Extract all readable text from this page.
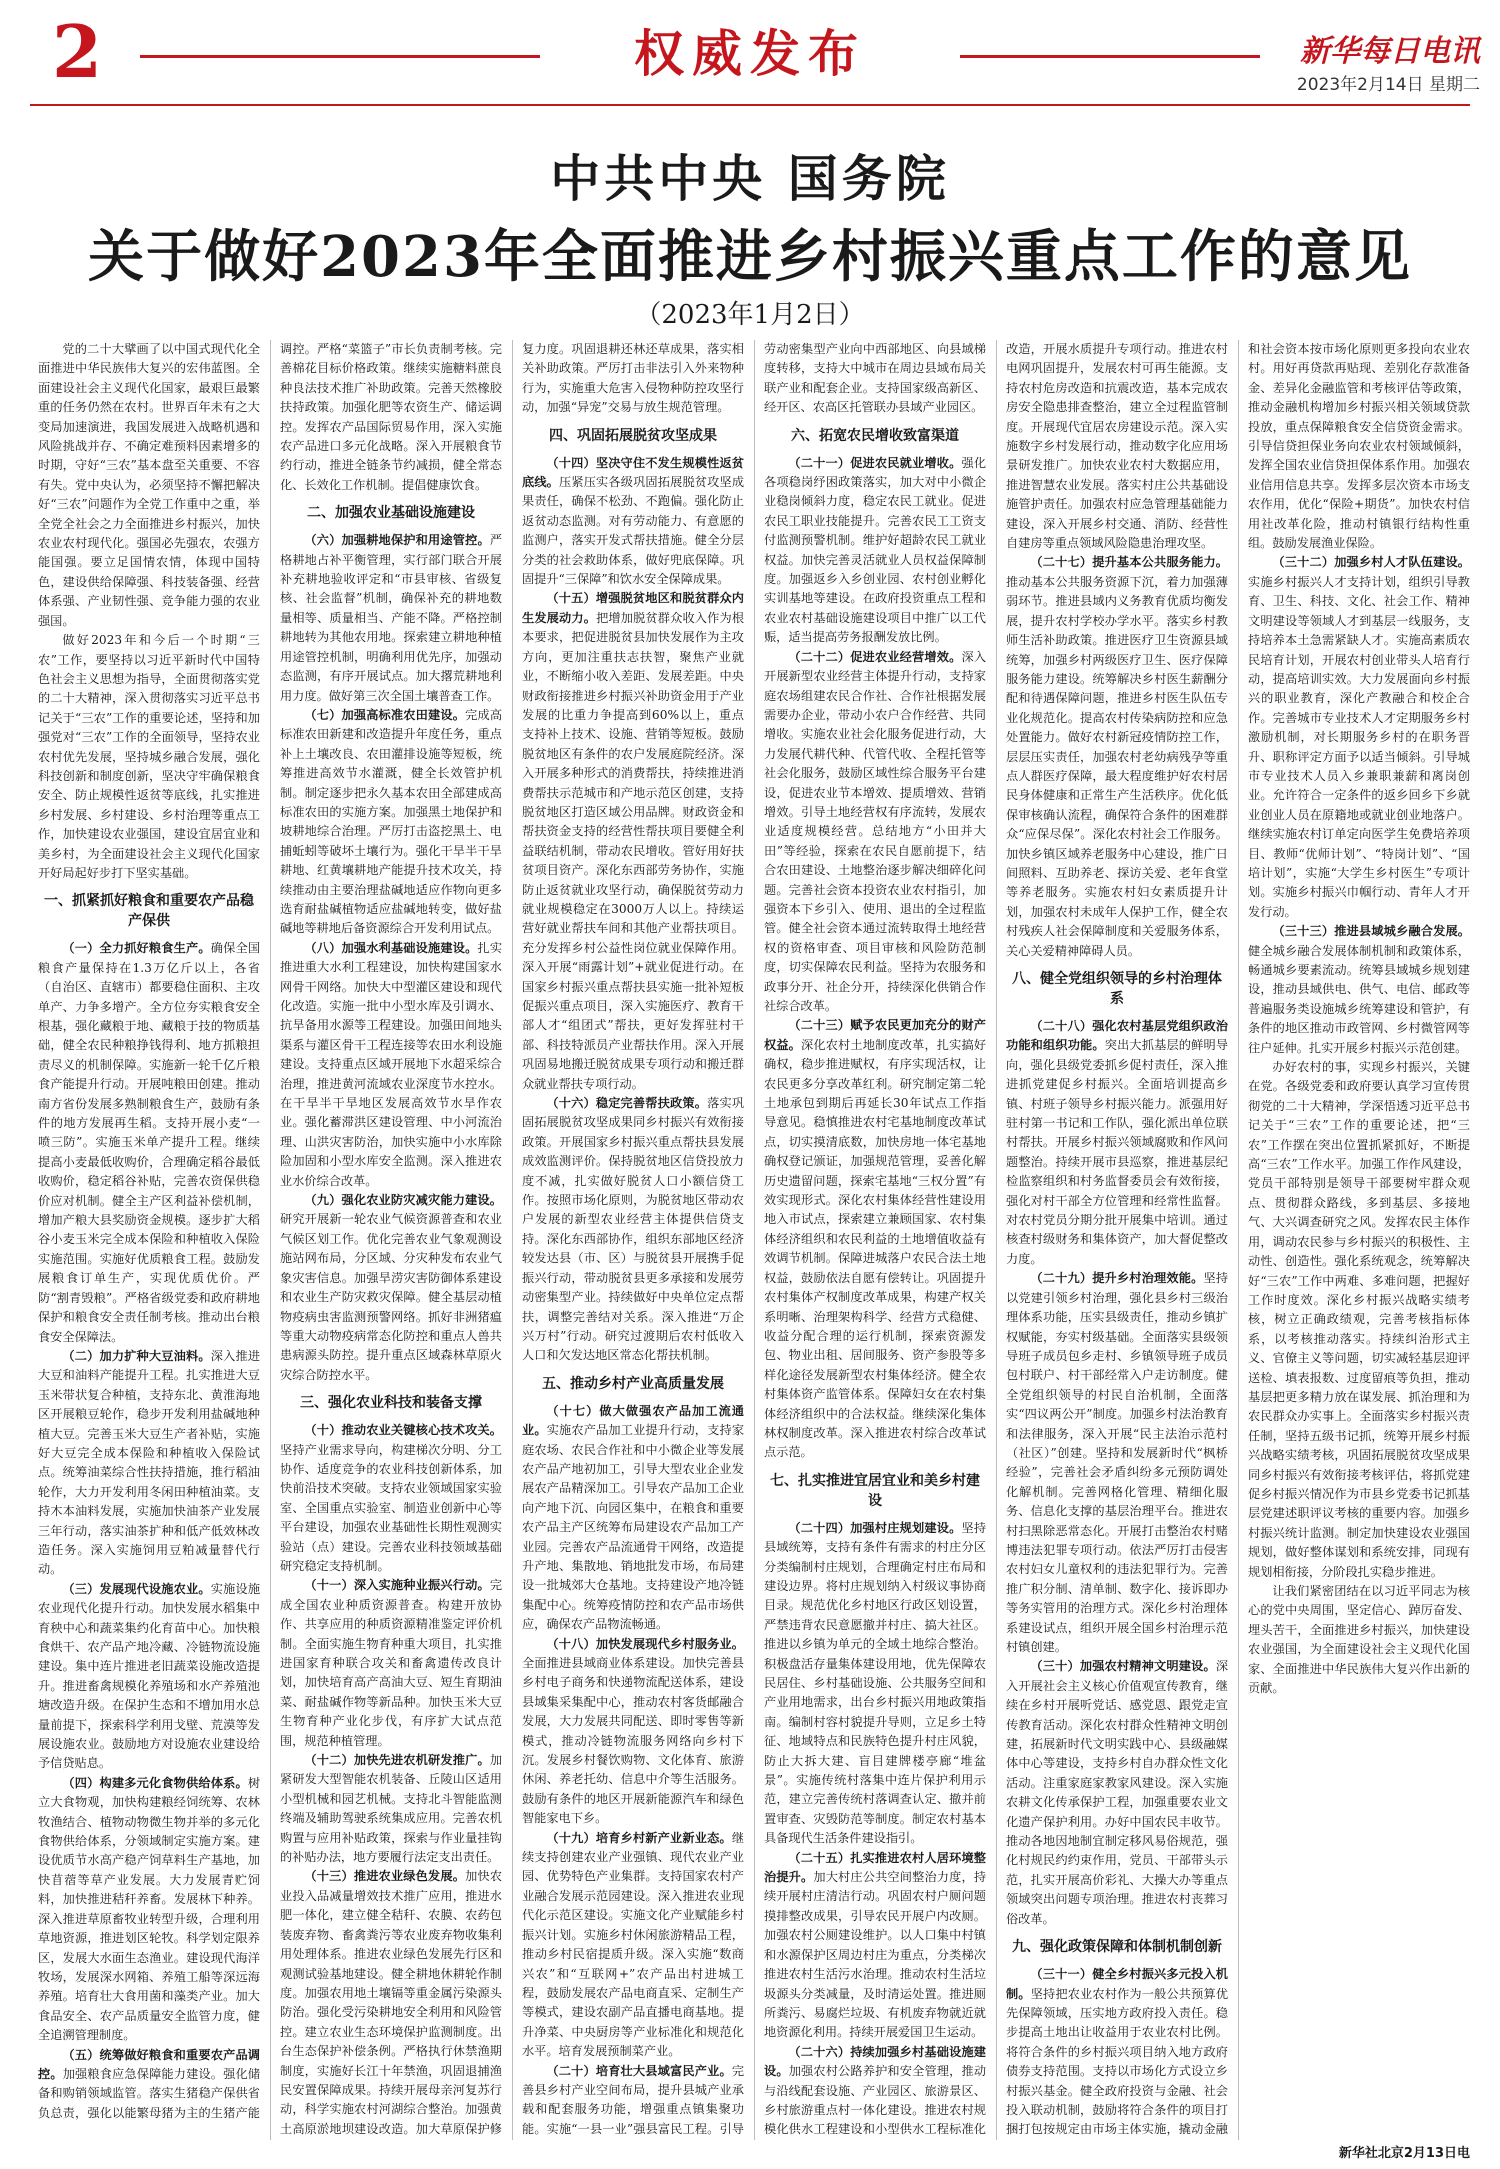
2	权威发布	新华每日电讯
2023年2月14日 星期二
中共中央 国务院
关于做好2023年全面推进乡村振兴重点工作的意见
（2023年1月2日）

党的二十大擘画了以中国式现代化全面推进中华民族伟大复兴的宏伟蓝图。全面建设社会主义现代化国家，最艰巨最繁重的任务仍然在农村。世界百年未有之大变局加速演进，我国发展进入战略机遇和风险挑战并存、不确定难预料因素增多的时期，守好“三农”基本盘至关重要、不容有失。党中央认为，必须坚持不懈把解决好“三农”问题作为全党工作重中之重，举全党全社会之力全面推进乡村振兴，加快农业农村现代化。强国必先强农，农强方能国强。要立足国情农情，体现中国特色，建设供给保障强、科技装备强、经营体系强、产业韧性强、竞争能力强的农业强国。

做好2023年和今后一个时期“三农”工作，要坚持以习近平新时代中国特色社会主义思想为指导，全面贯彻落实党的二十大精神，深入贯彻落实习近平总书记关于“三农”工作的重要论述，坚持和加强党对“三农”工作的全面领导，坚持农业农村优先发展，坚持城乡融合发展，强化科技创新和制度创新，坚决守牢确保粮食安全、防止规模性返贫等底线，扎实推进乡村发展、乡村建设、乡村治理等重点工作，加快建设农业强国，建设宜居宜业和美乡村，为全面建设社会主义现代化国家开好局起好步打下坚实基础。

一、抓紧抓好粮食和重要农产品稳产保供

（一）全力抓好粮食生产。确保全国粮食产量保持在1.3万亿斤以上，各省（自治区、直辖市）都要稳住面积、主攻单产、力争多增产。全方位夯实粮食安全根基，强化藏粮于地、藏粮于技的物质基础，健全农民种粮挣钱得利、地方抓粮担责尽义的机制保障。实施新一轮千亿斤粮食产能提升行动。开展吨粮田创建。推动南方省份发展多熟制粮食生产，鼓励有条件的地方发展再生稻。支持开展小麦“一喷三防”。实施玉米单产提升工程。继续提高小麦最低收购价，合理确定稻谷最低收购价，稳定稻谷补贴，完善农资保供稳价应对机制。健全主产区利益补偿机制，增加产粮大县奖励资金规模。逐步扩大稻谷小麦玉米完全成本保险和种植收入保险实施范围。实施好优质粮食工程。鼓励发展粮食订单生产，实现优质优价。严防“割青毁粮”。严格省级党委和政府耕地保护和粮食安全责任制考核。推动出台粮食安全保障法。

（二）加力扩种大豆油料。深入推进大豆和油料产能提升工程。扎实推进大豆玉米带状复合种植，支持东北、黄淮海地区开展粮豆轮作，稳步开发利用盐碱地种植大豆。完善玉米大豆生产者补贴，实施好大豆完全成本保险和种植收入保险试点。统筹油菜综合性扶持措施，推行稻油轮作，大力开发利用冬闲田种植油菜。支持木本油料发展，实施加快油茶产业发展三年行动，落实油茶扩种和低产低效林改造任务。深入实施饲用豆粕减量替代行动。

（三）发展现代设施农业。实施设施农业现代化提升行动。加快发展水稻集中育秧中心和蔬菜集约化育苗中心。加快粮食烘干、农产品产地冷藏、冷链物流设施建设。集中连片推进老旧蔬菜设施改造提升。推进畜禽规模化养殖场和水产养殖池塘改造升级。在保护生态和不增加用水总量前提下，探索科学利用戈壁、荒漠等发展设施农业。鼓励地方对设施农业建设给予信贷贴息。

（四）构建多元化食物供给体系。树立大食物观，加快构建粮经饲统筹、农林牧渔结合、植物动物微生物并举的多元化食物供给体系，分领域制定实施方案。建设优质节水高产稳产饲草料生产基地，加快苜蓿等草产业发展。大力发展青贮饲料，加快推进秸秆养畜。发展林下种养。深入推进草原畜牧业转型升级，合理利用草地资源，推进划区轮牧。科学划定限养区，发展大水面生态渔业。建设现代海洋牧场，发展深水网箱、养殖工船等深远海养殖。培育壮大食用菌和藻类产业。加大食品安全、农产品质量安全监管力度，健全追溯管理制度。

（五）统筹做好粮食和重要农产品调控。加强粮食应急保障能力建设。强化储备和购销领域监管。落实生猪稳产保供省负总责，强化以能繁母猪为主的生猪产能调控。严格“菜篮子”市长负责制考核。完善棉花目标价格政策。继续实施糖料蔗良种良法技术推广补助政策。完善天然橡胶扶持政策。加强化肥等农资生产、储运调控。发挥农产品国际贸易作用，深入实施农产品进口多元化战略。深入开展粮食节约行动，推进全链条节约减损，健全常态化、长效化工作机制。提倡健康饮食。

二、加强农业基础设施建设

（六）加强耕地保护和用途管控。严格耕地占补平衡管理，实行部门联合开展补充耕地验收评定和“市县审核、省级复核、社会监督”机制，确保补充的耕地数量相等、质量相当、产能不降。严格控制耕地转为其他农用地。探索建立耕地种植用途管控机制，明确利用优先序，加强动态监测，有序开展试点。加大撂荒耕地利用力度。做好第三次全国土壤普查工作。

（七）加强高标准农田建设。完成高标准农田新建和改造提升年度任务，重点补上土壤改良、农田灌排设施等短板，统筹推进高效节水灌溉，健全长效管护机制。制定逐步把永久基本农田全部建成高标准农田的实施方案。加强黑土地保护和坡耕地综合治理。严厉打击盗挖黑土、电捕蚯蚓等破坏土壤行为。强化干旱半干旱耕地、红黄壤耕地产能提升技术攻关，持续推动由主要治理盐碱地适应作物向更多选育耐盐碱植物适应盐碱地转变，做好盐碱地等耕地后备资源综合开发利用试点。

（八）加强水利基础设施建设。扎实推进重大水利工程建设，加快构建国家水网骨干网络。加快大中型灌区建设和现代化改造。实施一批中小型水库及引调水、抗旱备用水源等工程建设。加强田间地头渠系与灌区骨干工程连接等农田水利设施建设。支持重点区域开展地下水超采综合治理，推进黄河流域农业深度节水控水。在干旱半干旱地区发展高效节水旱作农业。强化蓄滞洪区建设管理、中小河流治理、山洪灾害防治，加快实施中小水库除险加固和小型水库安全监测。深入推进农业水价综合改革。

（九）强化农业防灾减灾能力建设。研究开展新一轮农业气候资源普查和农业气候区划工作。优化完善农业气象观测设施站网布局，分区域、分灾种发布农业气象灾害信息。加强旱涝灾害防御体系建设和农业生产防灾救灾保障。健全基层动植物疫病虫害监测预警网络。抓好非洲猪瘟等重大动物疫病常态化防控和重点人兽共患病源头防控。提升重点区域森林草原火灾综合防控水平。

三、强化农业科技和装备支撑

（十）推动农业关键核心技术攻关。坚持产业需求导向，构建梯次分明、分工协作、适度竞争的农业科技创新体系，加快前沿技术突破。支持农业领域国家实验室、全国重点实验室、制造业创新中心等平台建设，加强农业基础性长期性观测实验站（点）建设。完善农业科技领域基础研究稳定支持机制。

（十一）深入实施种业振兴行动。完成全国农业种质资源普查。构建开放协作、共享应用的种质资源精准鉴定评价机制。全面实施生物育种重大项目，扎实推进国家育种联合攻关和畜禽遗传改良计划，加快培育高产高油大豆、短生育期油菜、耐盐碱作物等新品种。加快玉米大豆生物育种产业化步伐，有序扩大试点范围，规范种植管理。

（十二）加快先进农机研发推广。加紧研发大型智能农机装备、丘陵山区适用小型机械和园艺机械。支持北斗智能监测终端及辅助驾驶系统集成应用。完善农机购置与应用补贴政策，探索与作业量挂钩的补贴办法，地方要履行法定支出责任。

（十三）推进农业绿色发展。加快农业投入品减量增效技术推广应用，推进水肥一体化，建立健全秸秆、农膜、农药包装废弃物、畜禽粪污等农业废弃物收集利用处理体系。推进农业绿色发展先行区和观测试验基地建设。健全耕地休耕轮作制度。加强农用地土壤镉等重金属污染源头防治。强化受污染耕地安全利用和风险管控。建立农业生态环境保护监测制度。出台生态保护补偿条例。严格执行休禁渔期制度，实施好长江十年禁渔，巩固退捕渔民安置保障成果。持续开展母亲河复苏行动，科学实施农村河湖综合整治。加强黄土高原淤地坝建设改造。加大草原保护修复力度。巩固退耕还林还草成果，落实相关补助政策。严厉打击非法引入外来物种行为，实施重大危害入侵物种防控攻坚行动，加强“异宠”交易与放生规范管理。

四、巩固拓展脱贫攻坚成果

（十四）坚决守住不发生规模性返贫底线。压紧压实各级巩固拓展脱贫攻坚成果责任，确保不松劲、不跑偏。强化防止返贫动态监测。对有劳动能力、有意愿的监测户，落实开发式帮扶措施。健全分层分类的社会救助体系，做好兜底保障。巩固提升“三保障”和饮水安全保障成果。

（十五）增强脱贫地区和脱贫群众内生发展动力。把增加脱贫群众收入作为根本要求，把促进脱贫县加快发展作为主攻方向，更加注重扶志扶智，聚焦产业就业，不断缩小收入差距、发展差距。中央财政衔接推进乡村振兴补助资金用于产业发展的比重力争提高到60%以上，重点支持补上技术、设施、营销等短板。鼓励脱贫地区有条件的农户发展庭院经济。深入开展多种形式的消费帮扶，持续推进消费帮扶示范城市和产地示范区创建，支持脱贫地区打造区域公用品牌。财政资金和帮扶资金支持的经营性帮扶项目要健全利益联结机制，带动农民增收。管好用好扶贫项目资产。深化东西部劳务协作，实施防止返贫就业攻坚行动，确保脱贫劳动力就业规模稳定在3000万人以上。持续运营好就业帮扶车间和其他产业帮扶项目。充分发挥乡村公益性岗位就业保障作用。深入开展“雨露计划”+就业促进行动。在国家乡村振兴重点帮扶县实施一批补短板促振兴重点项目，深入实施医疗、教育干部人才“组团式”帮扶，更好发挥驻村干部、科技特派员产业帮扶作用。深入开展巩固易地搬迁脱贫成果专项行动和搬迁群众就业帮扶专项行动。

（十六）稳定完善帮扶政策。落实巩固拓展脱贫攻坚成果同乡村振兴有效衔接政策。开展国家乡村振兴重点帮扶县发展成效监测评价。保持脱贫地区信贷投放力度不减，扎实做好脱贫人口小额信贷工作。按照市场化原则，为脱贫地区带动农户发展的新型农业经营主体提供信贷支持。深化东西部协作，组织东部地区经济较发达县（市、区）与脱贫县开展携手促振兴行动，带动脱贫县更多承接和发展劳动密集型产业。持续做好中央单位定点帮扶，调整完善结对关系。深入推进“万企兴万村”行动。研究过渡期后农村低收入人口和欠发达地区常态化帮扶机制。

五、推动乡村产业高质量发展

（十七）做大做强农产品加工流通业。实施农产品加工业提升行动，支持家庭农场、农民合作社和中小微企业等发展农产品产地初加工，引导大型农业企业发展农产品精深加工。引导农产品加工企业向产地下沉、向园区集中，在粮食和重要农产品主产区统筹布局建设农产品加工产业园。完善农产品流通骨干网络，改造提升产地、集散地、销地批发市场，布局建设一批城郊大仓基地。支持建设产地冷链集配中心。统筹疫情防控和农产品市场供应，确保农产品物流畅通。

（十八）加快发展现代乡村服务业。全面推进县域商业体系建设。加快完善县乡村电子商务和快递物流配送体系，建设县域集采集配中心，推动农村客货邮融合发展，大力发展共同配送、即时零售等新模式，推动冷链物流服务网络向乡村下沉。发展乡村餐饮购物、文化体育、旅游休闲、养老托幼、信息中介等生活服务。鼓励有条件的地区开展新能源汽车和绿色智能家电下乡。

（十九）培育乡村新产业新业态。继续支持创建农业产业强镇、现代农业产业园、优势特色产业集群。支持国家农村产业融合发展示范园建设。深入推进农业现代化示范区建设。实施文化产业赋能乡村振兴计划。实施乡村休闲旅游精品工程，推动乡村民宿提质升级。深入实施“数商兴农”和“互联网+”农产品出村进城工程，鼓励发展农产品电商直采、定制生产等模式，建设农副产品直播电商基地。提升净菜、中央厨房等产业标准化和规范化水平。培育发展预制菜产业。

（二十）培育壮大县域富民产业。完善县乡村产业空间布局，提升县城产业承载和配套服务功能，增强重点镇集聚功能。实施“一县一业”强县富民工程。引导劳动密集型产业向中西部地区、向县域梯度转移，支持大中城市在周边县域布局关联产业和配套企业。支持国家级高新区、经开区、农高区托管联办县域产业园区。

六、拓宽农民增收致富渠道

（二十一）促进农民就业增收。强化各项稳岗纾困政策落实，加大对中小微企业稳岗倾斜力度，稳定农民工就业。促进农民工职业技能提升。完善农民工工资支付监测预警机制。维护好超龄农民工就业权益。加快完善灵活就业人员权益保障制度。加强返乡入乡创业园、农村创业孵化实训基地等建设。在政府投资重点工程和农业农村基础设施建设项目中推广以工代赈，适当提高劳务报酬发放比例。

（二十二）促进农业经营增效。深入开展新型农业经营主体提升行动，支持家庭农场组建农民合作社、合作社根据发展需要办企业，带动小农户合作经营、共同增收。实施农业社会化服务促进行动，大力发展代耕代种、代管代收、全程托管等社会化服务，鼓励区域性综合服务平台建设，促进农业节本增效、提质增效、营销增效。引导土地经营权有序流转，发展农业适度规模经营。总结地方“小田并大田”等经验，探索在农民自愿前提下，结合农田建设、土地整治逐步解决细碎化问题。完善社会资本投资农业农村指引，加强资本下乡引入、使用、退出的全过程监管。健全社会资本通过流转取得土地经营权的资格审查、项目审核和风险防范制度，切实保障农民利益。坚持为农服务和政事分开、社企分开，持续深化供销合作社综合改革。

（二十三）赋予农民更加充分的财产权益。深化农村土地制度改革，扎实搞好确权，稳步推进赋权，有序实现活权，让农民更多分享改革红利。研究制定第二轮土地承包到期后再延长30年试点工作指导意见。稳慎推进农村宅基地制度改革试点，切实摸清底数，加快房地一体宅基地确权登记颁证，加强规范管理，妥善化解历史遗留问题，探索宅基地“三权分置”有效实现形式。深化农村集体经营性建设用地入市试点，探索建立兼顾国家、农村集体经济组织和农民利益的土地增值收益有效调节机制。保障进城落户农民合法土地权益，鼓励依法自愿有偿转让。巩固提升农村集体产权制度改革成果，构建产权关系明晰、治理架构科学、经营方式稳健、收益分配合理的运行机制，探索资源发包、物业出租、居间服务、资产参股等多样化途径发展新型农村集体经济。健全农村集体资产监管体系。保障妇女在农村集体经济组织中的合法权益。继续深化集体林权制度改革。深入推进农村综合改革试点示范。

七、扎实推进宜居宜业和美乡村建设

（二十四）加强村庄规划建设。坚持县域统筹，支持有条件有需求的村庄分区分类编制村庄规划，合理确定村庄布局和建设边界。将村庄规划纳入村级议事协商目录。规范优化乡村地区行政区划设置，严禁违背农民意愿撤并村庄、搞大社区。推进以乡镇为单元的全域土地综合整治。积极盘活存量集体建设用地，优先保障农民居住、乡村基础设施、公共服务空间和产业用地需求，出台乡村振兴用地政策指南。编制村容村貌提升导则，立足乡土特征、地域特点和民族特色提升村庄风貌，防止大拆大建、盲目建牌楼亭廊“堆盆景”。实施传统村落集中连片保护利用示范，建立完善传统村落调查认定、撤并前置审查、灾毁防范等制度。制定农村基本具备现代生活条件建设指引。

（二十五）扎实推进农村人居环境整治提升。加大村庄公共空间整治力度，持续开展村庄清洁行动。巩固农村户厕问题摸排整改成果，引导农民开展户内改厕。加强农村公厕建设维护。以人口集中村镇和水源保护区周边村庄为重点，分类梯次推进农村生活污水治理。推动农村生活垃圾源头分类减量，及时清运处置。推进厕所粪污、易腐烂垃圾、有机废弃物就近就地资源化利用。持续开展爱国卫生运动。

（二十六）持续加强乡村基础设施建设。加强农村公路养护和安全管理，推动与沿线配套设施、产业园区、旅游景区、乡村旅游重点村一体化建设。推进农村规模化供水工程建设和小型供水工程标准化改造，开展水质提升专项行动。推进农村电网巩固提升，发展农村可再生能源。支持农村危房改造和抗震改造，基本完成农房安全隐患排查整治，建立全过程监管制度。开展现代宜居农房建设示范。深入实施数字乡村发展行动，推动数字化应用场景研发推广。加快农业农村大数据应用，推进智慧农业发展。落实村庄公共基础设施管护责任。加强农村应急管理基础能力建设，深入开展乡村交通、消防、经营性自建房等重点领域风险隐患治理攻坚。

（二十七）提升基本公共服务能力。推动基本公共服务资源下沉，着力加强薄弱环节。推进县域内义务教育优质均衡发展，提升农村学校办学水平。落实乡村教师生活补助政策。推进医疗卫生资源县域统筹，加强乡村两级医疗卫生、医疗保障服务能力建设。统筹解决乡村医生薪酬分配和待遇保障问题，推进乡村医生队伍专业化规范化。提高农村传染病防控和应急处置能力。做好农村新冠疫情防控工作，层层压实责任，加强农村老幼病残孕等重点人群医疗保障，最大程度维护好农村居民身体健康和正常生产生活秩序。优化低保审核确认流程，确保符合条件的困难群众“应保尽保”。深化农村社会工作服务。加快乡镇区域养老服务中心建设，推广日间照料、互助养老、探访关爱、老年食堂等养老服务。实施农村妇女素质提升计划，加强农村未成年人保护工作，健全农村残疾人社会保障制度和关爱服务体系，关心关爱精神障碍人员。

八、健全党组织领导的乡村治理体系

（二十八）强化农村基层党组织政治功能和组织功能。突出大抓基层的鲜明导向，强化县级党委抓乡促村责任，深入推进抓党建促乡村振兴。全面培训提高乡镇、村班子领导乡村振兴能力。派强用好驻村第一书记和工作队，强化派出单位联村帮扶。开展乡村振兴领域腐败和作风问题整治。持续开展市县巡察，推进基层纪检监察组织和村务监督委员会有效衔接，强化对村干部全方位管理和经常性监督。对农村党员分期分批开展集中培训。通过核查村级财务和集体资产，加大督促整改力度。

（二十九）提升乡村治理效能。坚持以党建引领乡村治理，强化县乡村三级治理体系功能，压实县级责任，推动乡镇扩权赋能，夯实村级基础。全面落实县级领导班子成员包乡走村、乡镇领导班子成员包村联户、村干部经常入户走访制度。健全党组织领导的村民自治机制，全面落实“四议两公开”制度。加强乡村法治教育和法律服务，深入开展“民主法治示范村（社区）”创建。坚持和发展新时代“枫桥经验”，完善社会矛盾纠纷多元预防调处化解机制。完善网格化管理、精细化服务、信息化支撑的基层治理平台。推进农村扫黑除恶常态化。开展打击整治农村赌博违法犯罪专项行动。依法严厉打击侵害农村妇女儿童权利的违法犯罪行为。完善推广积分制、清单制、数字化、接诉即办等务实管用的治理方式。深化乡村治理体系建设试点，组织开展全国乡村治理示范村镇创建。

（三十）加强农村精神文明建设。深入开展社会主义核心价值观宣传教育，继续在乡村开展听党话、感党恩、跟党走宣传教育活动。深化农村群众性精神文明创建，拓展新时代文明实践中心、县级融媒体中心等建设，支持乡村自办群众性文化活动。注重家庭家教家风建设。深入实施农耕文化传承保护工程，加强重要农业文化遗产保护利用。办好中国农民丰收节。推动各地因地制宜制定移风易俗规范，强化村规民约约束作用，党员、干部带头示范，扎实开展高价彩礼、大操大办等重点领域突出问题专项治理。推进农村丧葬习俗改革。

九、强化政策保障和体制机制创新

（三十一）健全乡村振兴多元投入机制。坚持把农业农村作为一般公共预算优先保障领域，压实地方政府投入责任。稳步提高土地出让收益用于农业农村比例。将符合条件的乡村振兴项目纳入地方政府债券支持范围。支持以市场化方式设立乡村振兴基金。健全政府投资与金融、社会投入联动机制，鼓励将符合条件的项目打捆打包按规定由市场主体实施，撬动金融和社会资本按市场化原则更多投向农业农村。用好再贷款再贴现、差别化存款准备金、差异化金融监管和考核评估等政策，推动金融机构增加乡村振兴相关领域贷款投放，重点保障粮食安全信贷资金需求。引导信贷担保业务向农业农村领域倾斜，发挥全国农业信贷担保体系作用。加强农业信用信息共享。发挥多层次资本市场支农作用，优化“保险+期货”。加快农村信用社改革化险，推动村镇银行结构性重组。鼓励发展渔业保险。

（三十二）加强乡村人才队伍建设。实施乡村振兴人才支持计划，组织引导教育、卫生、科技、文化、社会工作、精神文明建设等领域人才到基层一线服务，支持培养本土急需紧缺人才。实施高素质农民培育计划，开展农村创业带头人培育行动，提高培训实效。大力发展面向乡村振兴的职业教育，深化产教融合和校企合作。完善城市专业技术人才定期服务乡村激励机制，对长期服务乡村的在职务晋升、职称评定方面予以适当倾斜。引导城市专业技术人员入乡兼职兼薪和离岗创业。允许符合一定条件的返乡回乡下乡就业创业人员在原籍地或就业创业地落户。继续实施农村订单定向医学生免费培养项目、教师“优师计划”、“特岗计划”、“国培计划”，实施“大学生乡村医生”专项计划。实施乡村振兴巾帼行动、青年人才开发行动。

（三十三）推进县域城乡融合发展。健全城乡融合发展体制机制和政策体系，畅通城乡要素流动。统筹县域城乡规划建设，推动县域供电、供气、电信、邮政等普遍服务类设施城乡统筹建设和管护，有条件的地区推动市政管网、乡村微管网等往户延伸。扎实开展乡村振兴示范创建。

办好农村的事，实现乡村振兴，关键在党。各级党委和政府要认真学习宣传贯彻党的二十大精神，学深悟透习近平总书记关于“三农”工作的重要论述，把“三农”工作摆在突出位置抓紧抓好，不断提高“三农”工作水平。加强工作作风建设，党员干部特别是领导干部要树牢群众观点、贯彻群众路线，多到基层、多接地气、大兴调查研究之风。发挥农民主体作用，调动农民参与乡村振兴的积极性、主动性、创造性。强化系统观念，统筹解决好“三农”工作中两难、多难问题，把握好工作时度效。深化乡村振兴战略实绩考核，树立正确政绩观，完善考核指标体系，以考核推动落实。持续纠治形式主义、官僚主义等问题，切实减轻基层迎评送检、填表报数、过度留痕等负担，推动基层把更多精力放在谋发展、抓治理和为农民群众办实事上。全面落实乡村振兴责任制，坚持五级书记抓，统筹开展乡村振兴战略实绩考核，巩固拓展脱贫攻坚成果同乡村振兴有效衔接考核评估，将抓党建促乡村振兴情况作为市县乡党委书记抓基层党建述职评议考核的重要内容。加强乡村振兴统计监测。制定加快建设农业强国规划，做好整体谋划和系统安排，同现有规划相衔接，分阶段扎实稳步推进。

让我们紧密团结在以习近平同志为核心的党中央周围，坚定信心、踔厉奋发、埋头苦干，全面推进乡村振兴，加快建设农业强国，为全面建设社会主义现代化国家、全面推进中华民族伟大复兴作出新的贡献。

新华社北京2月13日电
